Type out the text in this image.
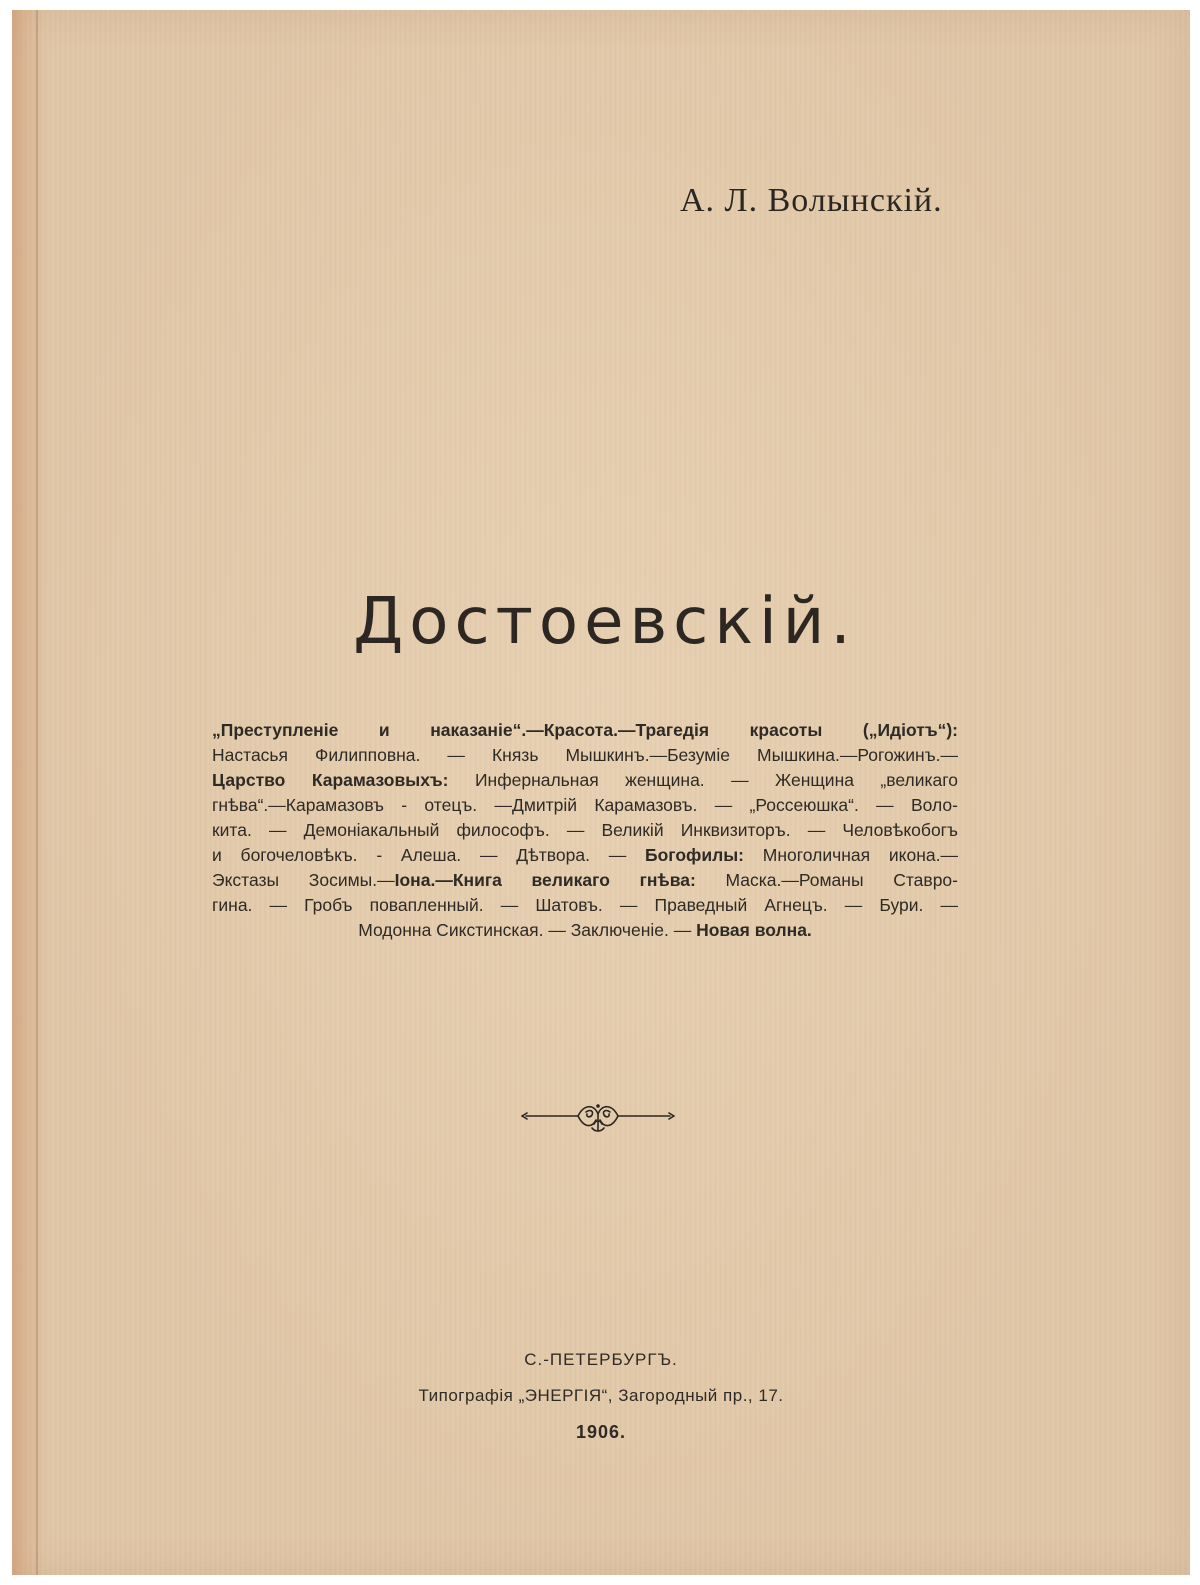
А. Л. Волынскій.
Достоевскій.
„Преступленіе и наказаніе“.—Красота.—Трагедія красоты („Идіотъ“):
Настасья Филипповна. — Князь Мышкинъ.—Безуміе Мышкина.—Рогожинъ.—
Царство Карамазовыхъ: Инфернальная женщина. — Женщина „великаго
гнѣва“.—Карамазовъ - отецъ. —Дмитрій Карамазовъ. — „Россеюшка“. — Воло-
кита. — Демоніакальный философъ. — Великій Инквизиторъ. — Человѣкобогъ
и богочеловѣкъ. - Алеша. — Дѣтвора. — Богофилы: Многоличная икона.—
Экстазы Зосимы.—Іона.—Книга великаго гнѣва: Маска.—Романы Ставро-
гина. — Гробъ повапленный. — Шатовъ. — Праведный Агнецъ. — Бури. —
Модонна Сикстинская. — Заключеніе. — Новая волна.
С.-ПЕТЕРБУРГЪ.
Типографія „ЭНЕРГІЯ“, Загородный пр., 17.
1906.
